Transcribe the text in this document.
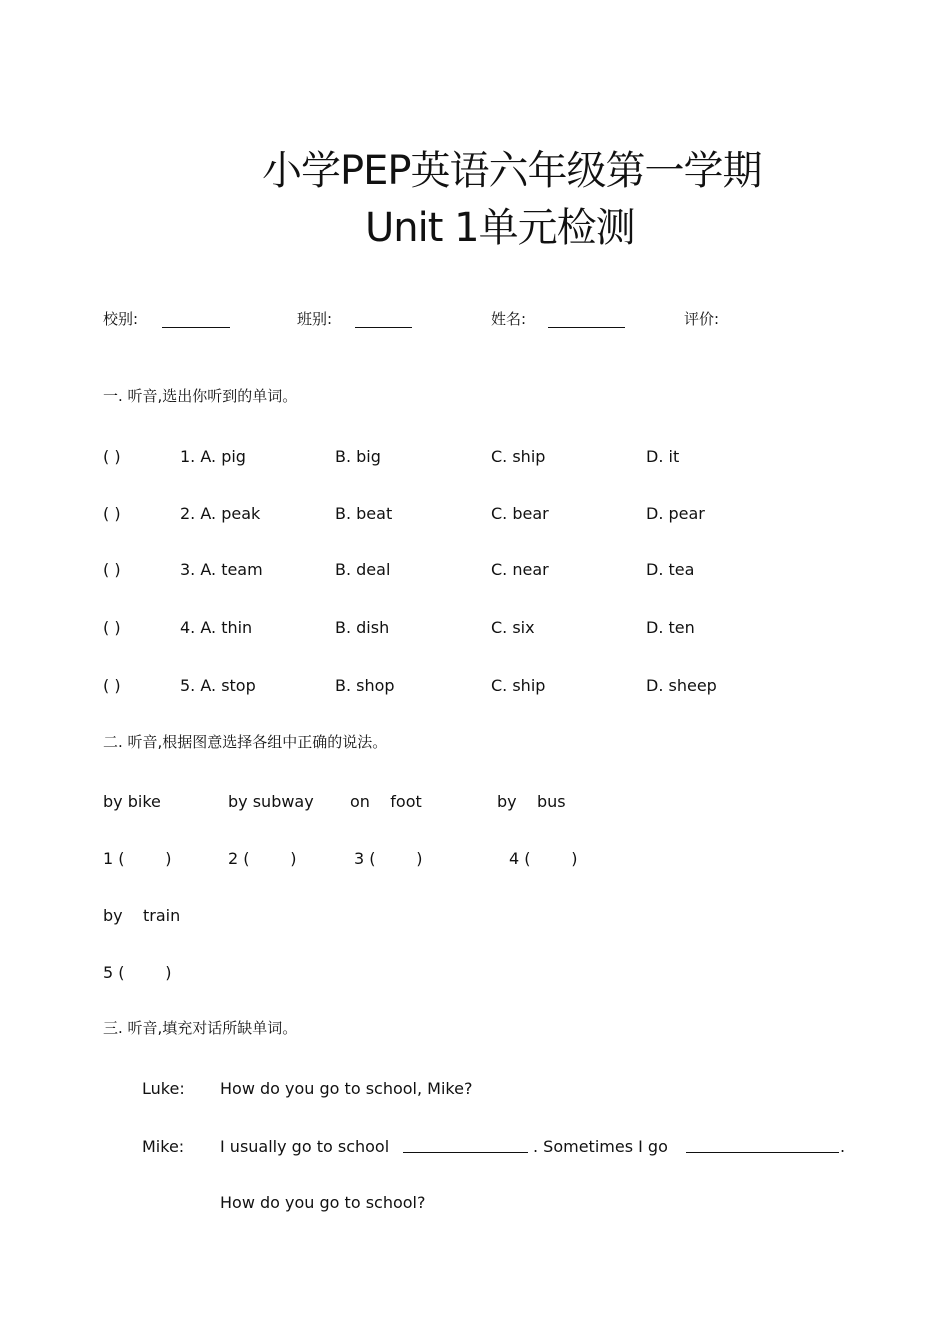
小学PEP英语六年级第一学期
Unit 1单元检测
校别:	班别:	姓名:	评价:
一. 听音,选出你听到的单词。
( )	1. A. pig	B. big	C. ship	D. it
( )	2. A. peak	B. beat	C. bear	D. pear
( )	3. A. team	B. deal	C. near	D. tea
( )	4. A. thin	B. dish	C. six	D. ten
( )	5. A. stop	B. shop	C. ship	D. sheep
二. 听音,根据图意选择各组中正确的说法。
by bike	by subway on    foot	by    bus
1 (        )	2 (        )	3 (        )	4 (        )
by    train
5 (        )
三. 听音,填充对话所缺单词。
Luke: How do you go to school, Mike?
Mike: I usually go to school	. Sometimes I go	.
How do you go to school?
